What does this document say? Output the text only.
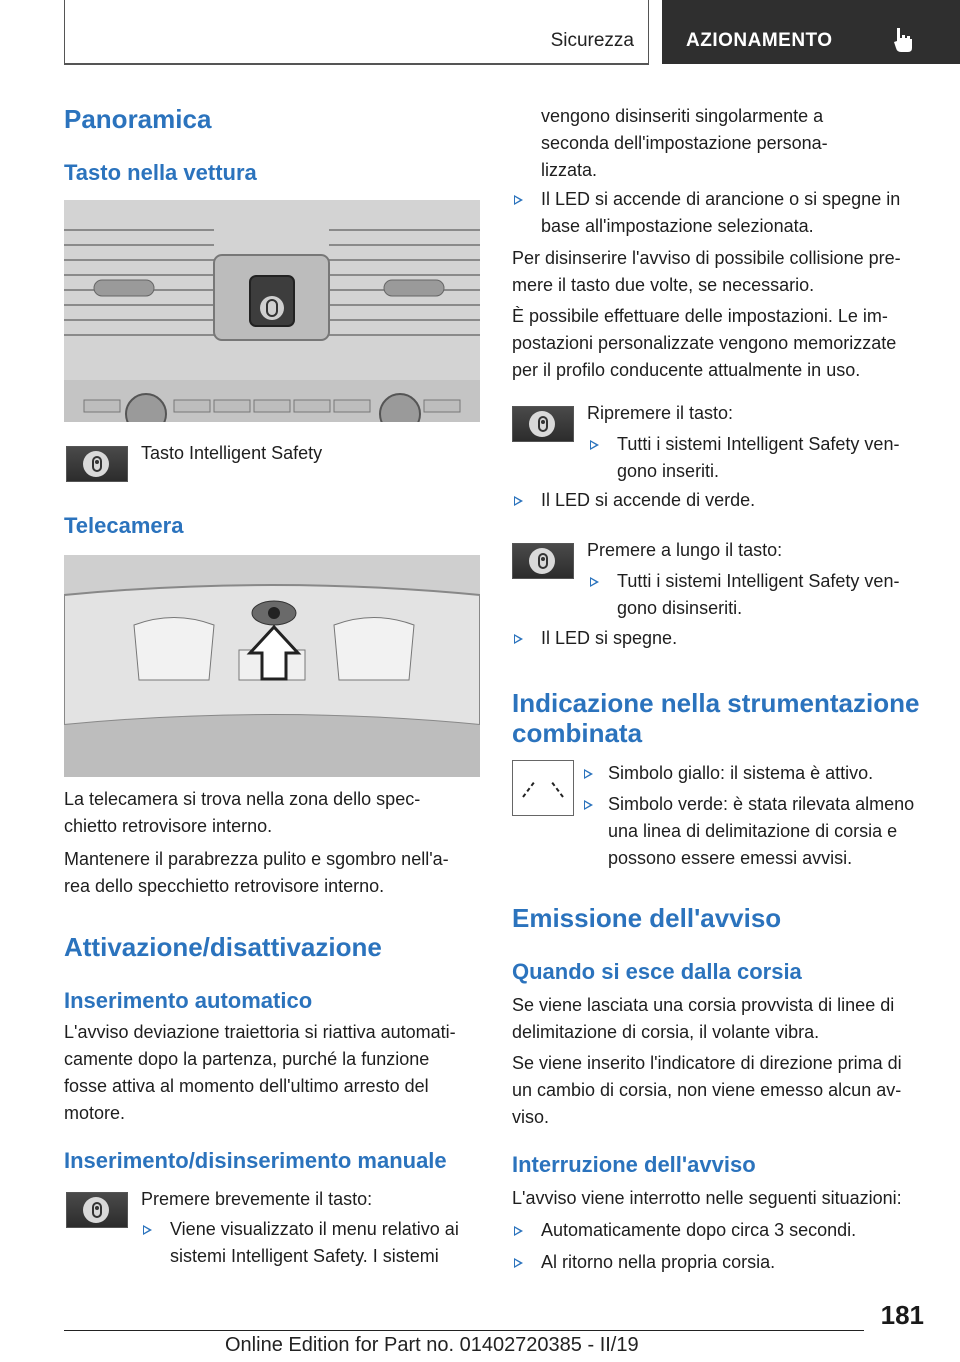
Sicurezza	AZIONAMENTO
Panoramica
Tasto nella vettura

Tasto Intelligent Safety

Telecamera

La telecamera si trova nella zona dello spec-

chietto retrovisore interno.

Mantenere il parabrezza pulito e sgombro nell'a-

rea dello specchietto retrovisore interno.

Attivazione/disattivazione
Inserimento automatico

L'avviso deviazione traiettoria si riattiva automati-

camente dopo la partenza, purché la funzione

fosse attiva al momento dell'ultimo arresto del

motore.

Inserimento/disinserimento manuale

Premere brevemente il tasto:

Viene visualizzato il menu relativo ai
sistemi Intelligent Safety. I sistemi
vengono disinseriti singolarmente a
seconda dell'impostazione persona-
lizzata.
Il LED si accende di arancione o si spegne in
base all'impostazione selezionata.

Per disinserire l'avviso di possibile collisione pre-

mere il tasto due volte, se necessario.

È possibile effettuare delle impostazioni. Le im-

postazioni personalizzate vengono memorizzate

per il profilo conducente attualmente in uso.

Ripremere il tasto:

Tutti i sistemi Intelligent Safety ven-
gono inseriti.
Il LED si accende di verde.

Premere a lungo il tasto:

Tutti i sistemi Intelligent Safety ven-
gono disinseriti.
Il LED si spegne.
Indicazione nella strumentazione
combinata
Simbolo giallo: il sistema è attivo.
Simbolo verde: è stata rilevata almeno
una linea di delimitazione di corsia e
possono essere emessi avvisi.
Emissione dell'avviso
Quando si esce dalla corsia

Se viene lasciata una corsia provvista di linee di

delimitazione di corsia, il volante vibra.

Se viene inserito l'indicatore di direzione prima di

un cambio di corsia, non viene emesso alcun av-

viso.

Interruzione dell'avviso

L'avviso viene interrotto nelle seguenti situazioni:

Automaticamente dopo circa 3 secondi.
Al ritorno nella propria corsia.
181
Online Edition for Part no. 01402720385 - II/19
